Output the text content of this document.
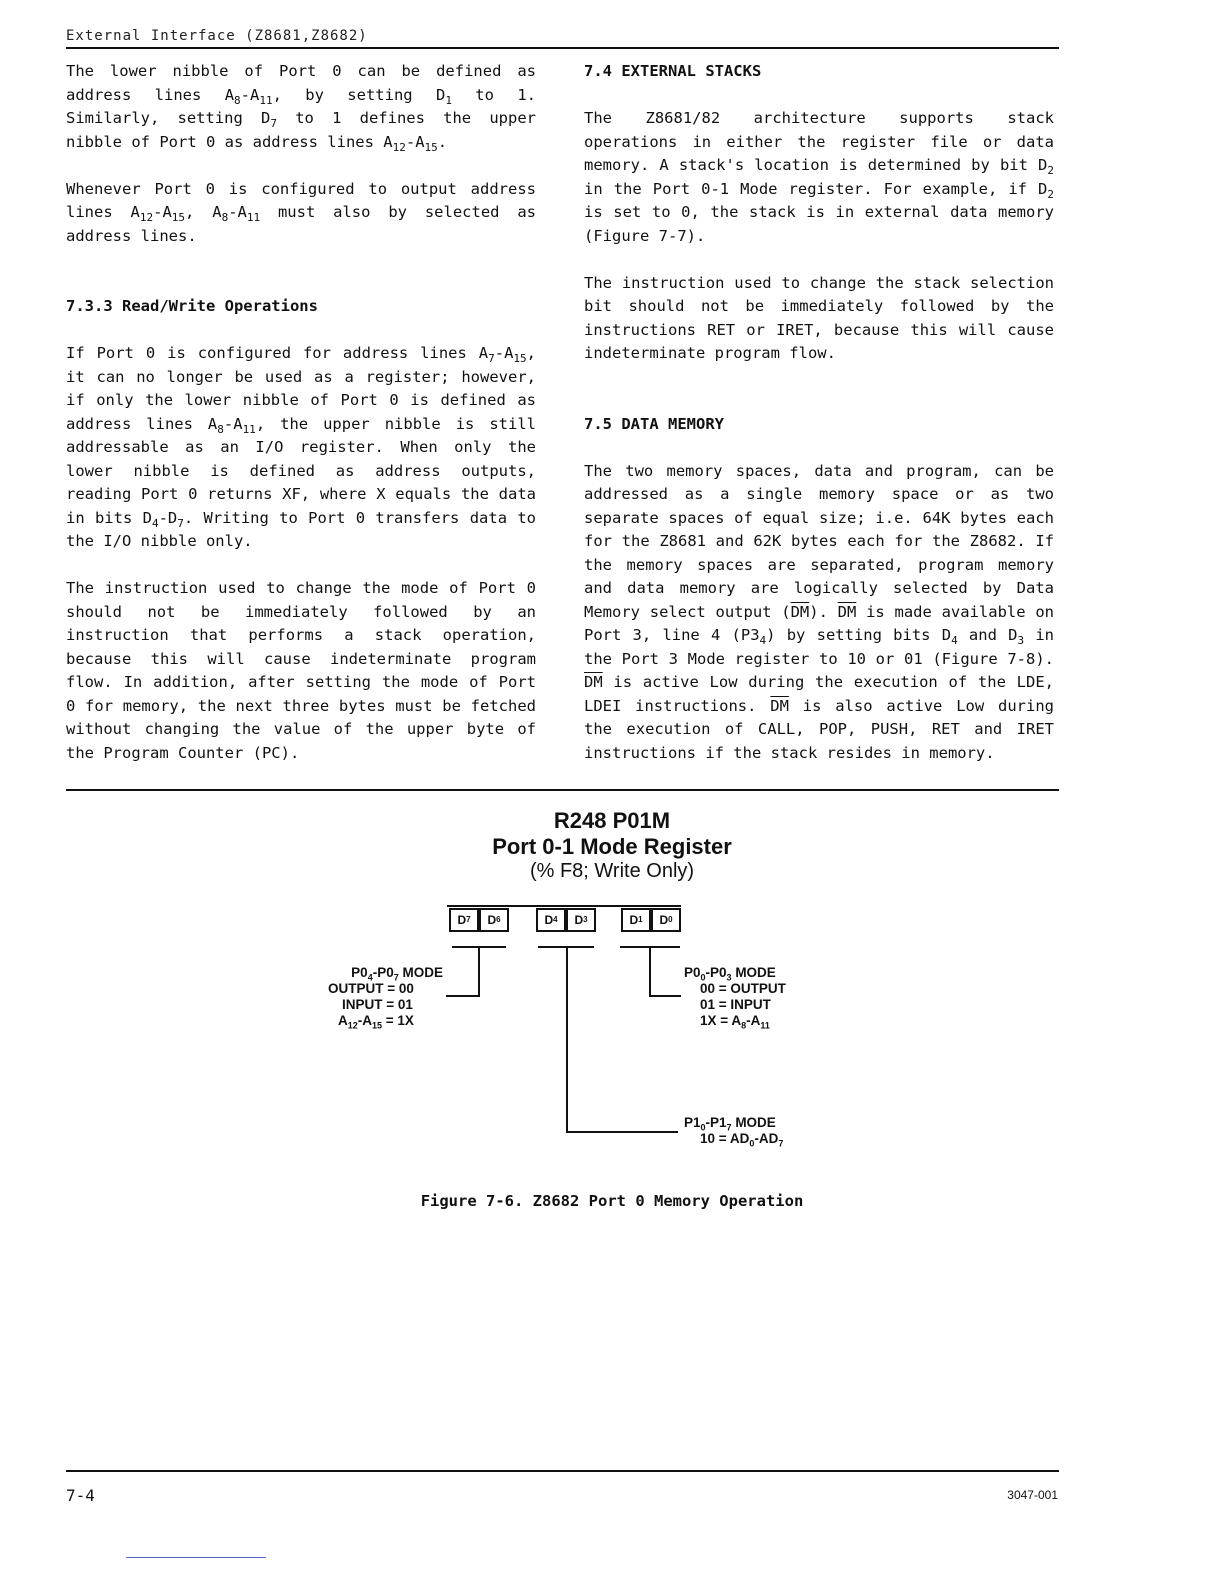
External Interface (Z8681,Z8682)

The lower nibble of Port 0 can be defined as address lines $A_8-A_{11}$, by setting $D_1$ to 1. Similarly, setting $D_7$ to 1 defines the upper nibble of Port 0 as address lines $A_{12}-A_{15}$.

Whenever Port 0 is configured to output address lines $A_{12}-A_{15}$, $A_8-A_{11}$ must also by selected as address lines.

7.3.3 Read/Write Operations

If Port 0 is configured for address lines $A_7-A_{15}$, it can no longer be used as a register; however, if only the lower nibble of Port 0 is defined as address lines $A_8-A_{11}$, the upper nibble is still addressable as an I/O register. When only the lower nibble is defined as address outputs, reading Port 0 returns XF, where X equals the data in bits $D_4-D_7$. Writing to Port 0 transfers data to the I/O nibble only.

The instruction used to change the mode of Port 0 should not be immediately followed by an instruction that performs a stack operation, because this will cause indeterminate program flow. In addition, after setting the mode of Port 0 for memory, the next three bytes must be fetched without changing the value of the upper byte of the Program Counter (PC).

7.4 EXTERNAL STACKS

The Z8681/82 architecture supports stack operations in either the register file or data memory. A stack's location is determined by bit $D_2$ in the Port 0-1 Mode register. For example, if $D_2$ is set to 0, the stack is in external data memory (Figure 7-7).

The instruction used to change the stack selection bit should not be immediately followed by the instructions RET or IRET, because this will cause indeterminate program flow.

7.5 DATA MEMORY

The two memory spaces, data and program, can be addressed as a single memory space or as two separate spaces of equal size; i.e. 64K bytes each for the Z8681 and 62K bytes each for the Z8682. If the memory spaces are separated, program memory and data memory are logically selected by Data Memory select output $(\overline{DM})$. $\overline{DM}$ is made available on Port 3, line 4 $(P3_4)$ by setting bits $D_4$ and $D_3$ in the Port 3 Mode register to 10 or 01 (Figure 7-8). $\overline{DM}$ is active Low during the execution of the LDE, LDEI instructions. $\overline{DM}$ is also active Low during the execution of CALL, POP, PUSH, RET and IRET instructions if the stack resides in memory.

R248 P01M
Port 0-1 Mode Register
(% F8; Write Only)
D 7 D 6	D 4 D 3	D 1 D 0
$P0_4-P0_7$ MODE
OUTPUT = 00
INPUT = 01
$A_{12}-A_{15} = 1X$
$P0_0-P0_3$ MODE
00 = OUTPUT
01 = INPUT
$1X = A_8-A_{11}$
$P1_0-P1_7$ MODE
$10 = AD_0-AD_7$
Figure 7-6. Z8682 Port 0 Memory Operation
7-4	3047-001
